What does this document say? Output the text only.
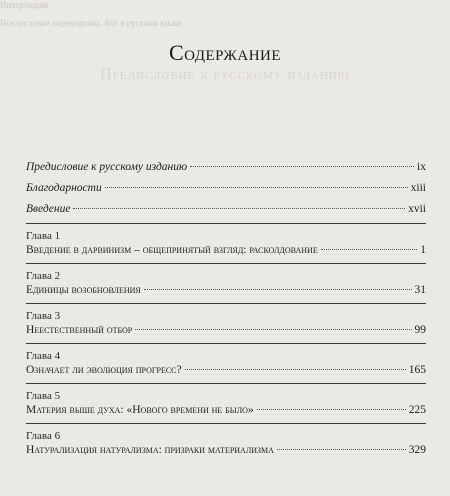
Интерлюдия
Послесловие переводчика. Бог в русском языке
Предисловие к русскому изданию
Содержание
Предисловие к русскому изданию	ix
Благодарности	xiii
Введение	xvii
Глава 1
Введение в дарвинизм – общепринятый взгляд: расколдование	1
Глава 2
Единицы возобновления	31
Глава 3
Неестественный отбор	99
Глава 4
Означает ли эволюция прогресс?	165
Глава 5
Материя выше духа: «Нового времени не было»	225
Глава 6
Натурализация натурализма: призраки материализма	329
